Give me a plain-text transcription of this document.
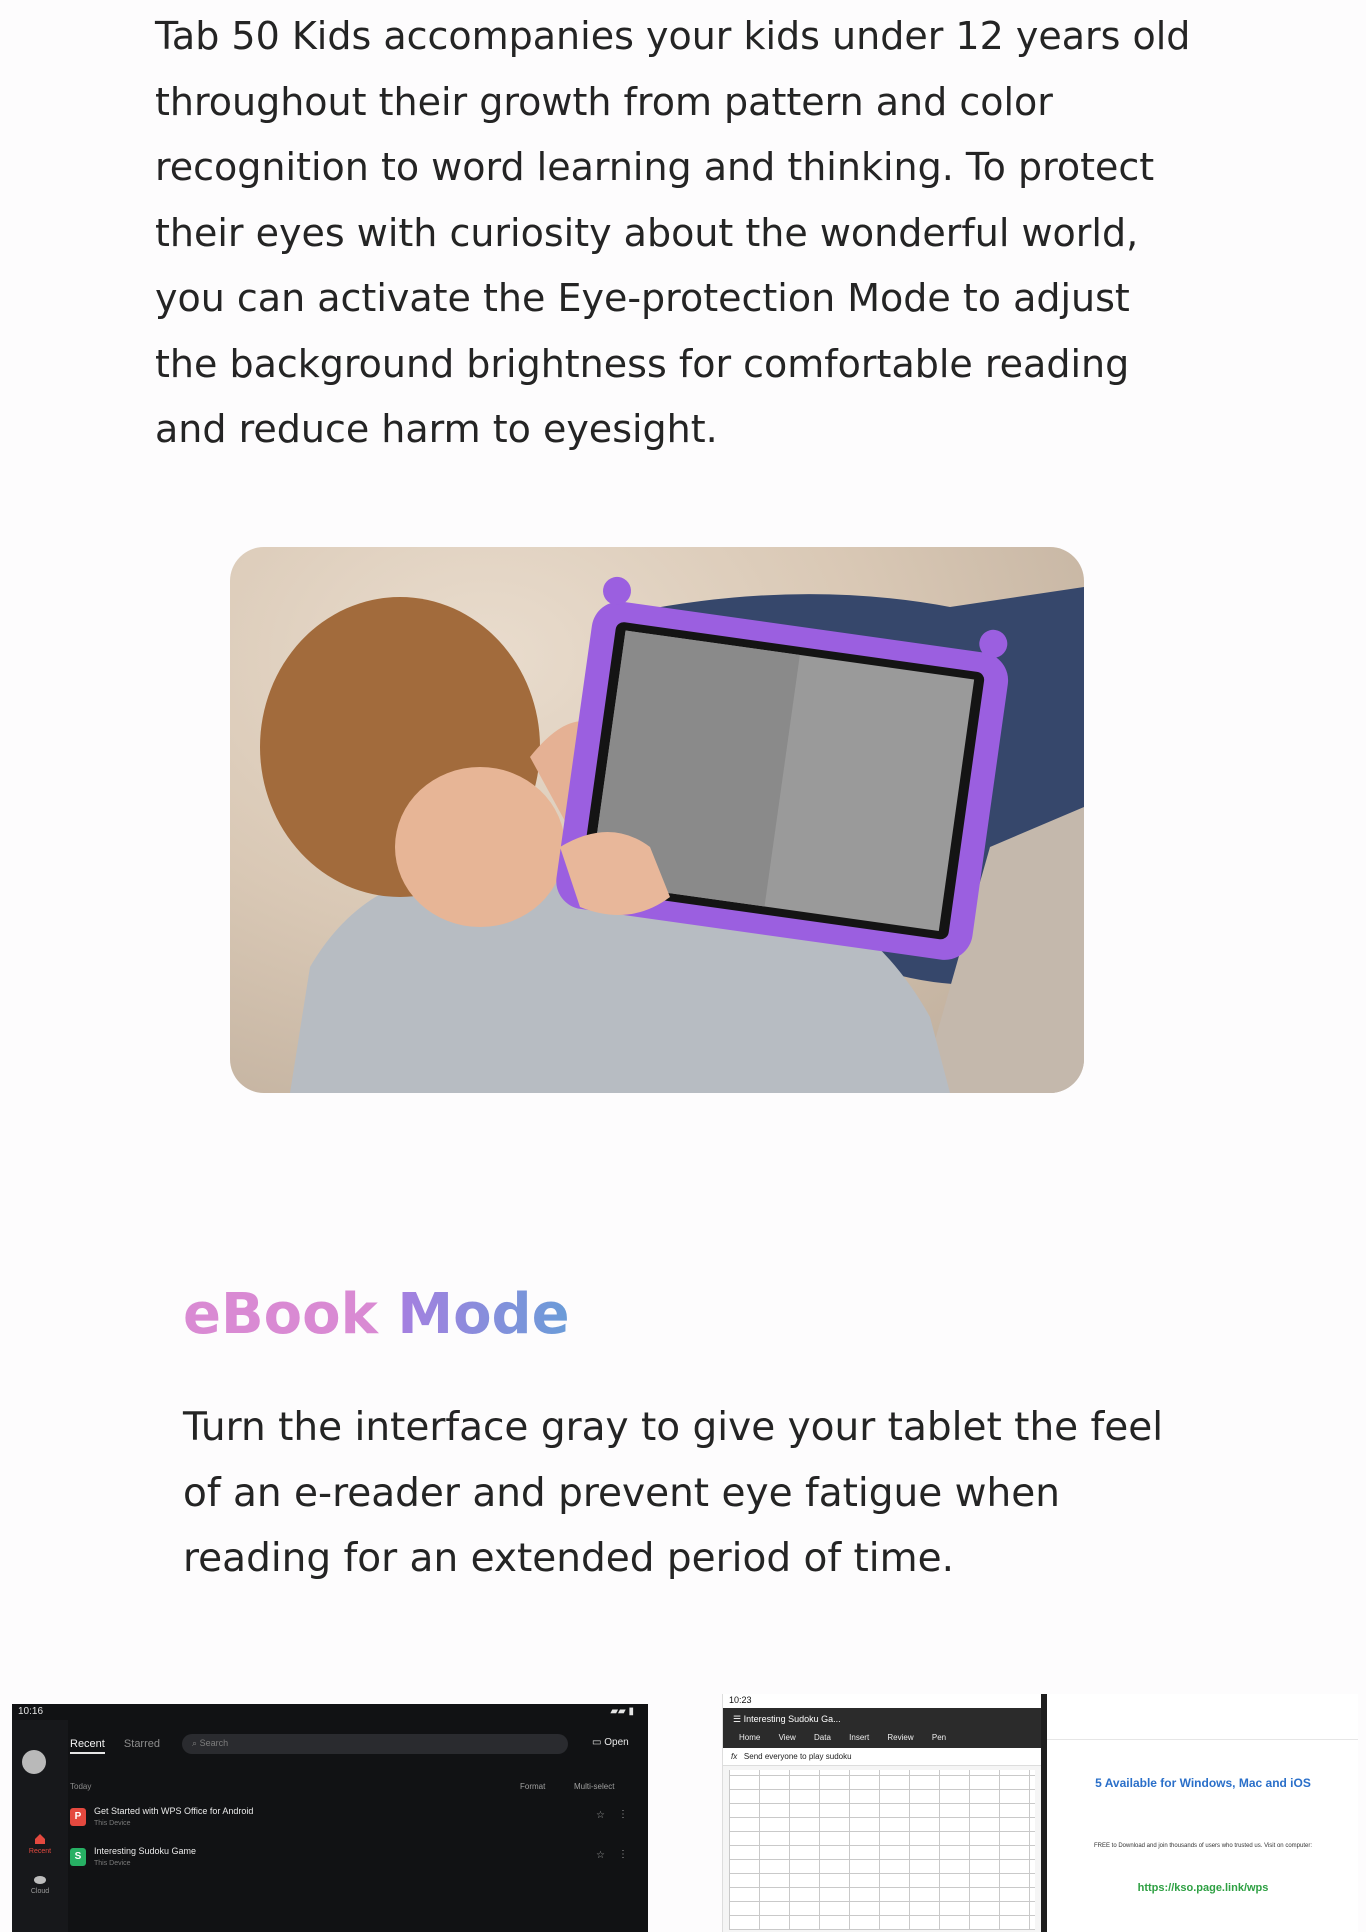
Tab 50 Kids accompanies your kids under 12 years old throughout their growth from pattern and color recognition to word learning and thinking. To protect their eyes with curiosity about the wonderful world, you can activate the Eye-protection Mode to adjust the background brightness for comfortable reading and reduce harm to eyesight.
eBook Mode
Turn the interface gray to give your tablet the feel of an e-reader and prevent eye fatigue when reading for an extended period of time.
10:16	▰▰ ▮
Recent
Cloud
Recent Starred	⌕ Search	▭ Open
Today	Format	Multi-select
P	Get Started with WPS Office for Android
This Device
☆ ⋮
S	Interesting Sudoku Game
This Device
☆ ⋮
10:23
☰ Interesting Sudoku Ga...
Home View Data Insert Review Pen
fx Send everyone to play sudoku
5 Available for Windows, Mac and iOS
FREE to Download and join thousands of users who trusted us. Visit on computer:
https://kso.page.link/wps
